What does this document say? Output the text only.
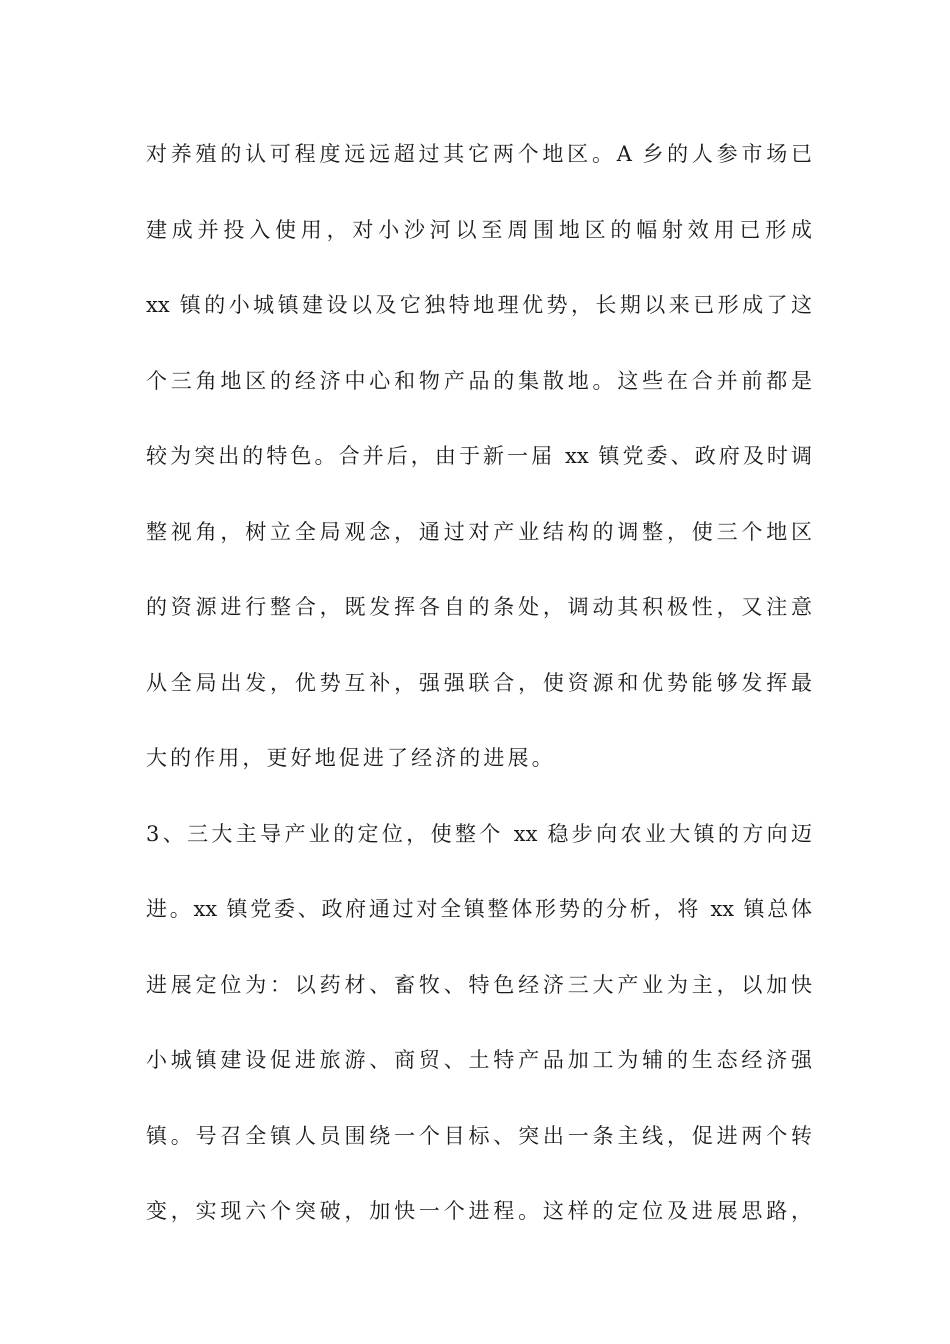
对养殖的认可程度远远超过其它两个地区。A 乡的人参市场已
建成并投入使用，对小沙河以至周围地区的幅射效用已形成
xx 镇的小城镇建设以及它独特地理优势，长期以来已形成了这
个三角地区的经济中心和物产品的集散地。这些在合并前都是
较为突出的特色。合并后，由于新一届 xx 镇党委、政府及时调
整视角，树立全局观念，通过对产业结构的调整，使三个地区
的资源进行整合，既发挥各自的条处，调动其积极性，又注意
从全局出发，优势互补，强强联合，使资源和优势能够发挥最
大的作用，更好地促进了经济的进展。
3、三大主导产业的定位，使整个 xx 稳步向农业大镇的方向迈
进。xx 镇党委、政府通过对全镇整体形势的分析，将 xx 镇总体
进展定位为：以药材、畜牧、特色经济三大产业为主，以加快
小城镇建设促进旅游、商贸、土特产品加工为辅的生态经济强
镇。号召全镇人员围绕一个目标、突出一条主线，促进两个转
变，实现六个突破，加快一个进程。这样的定位及进展思路，
